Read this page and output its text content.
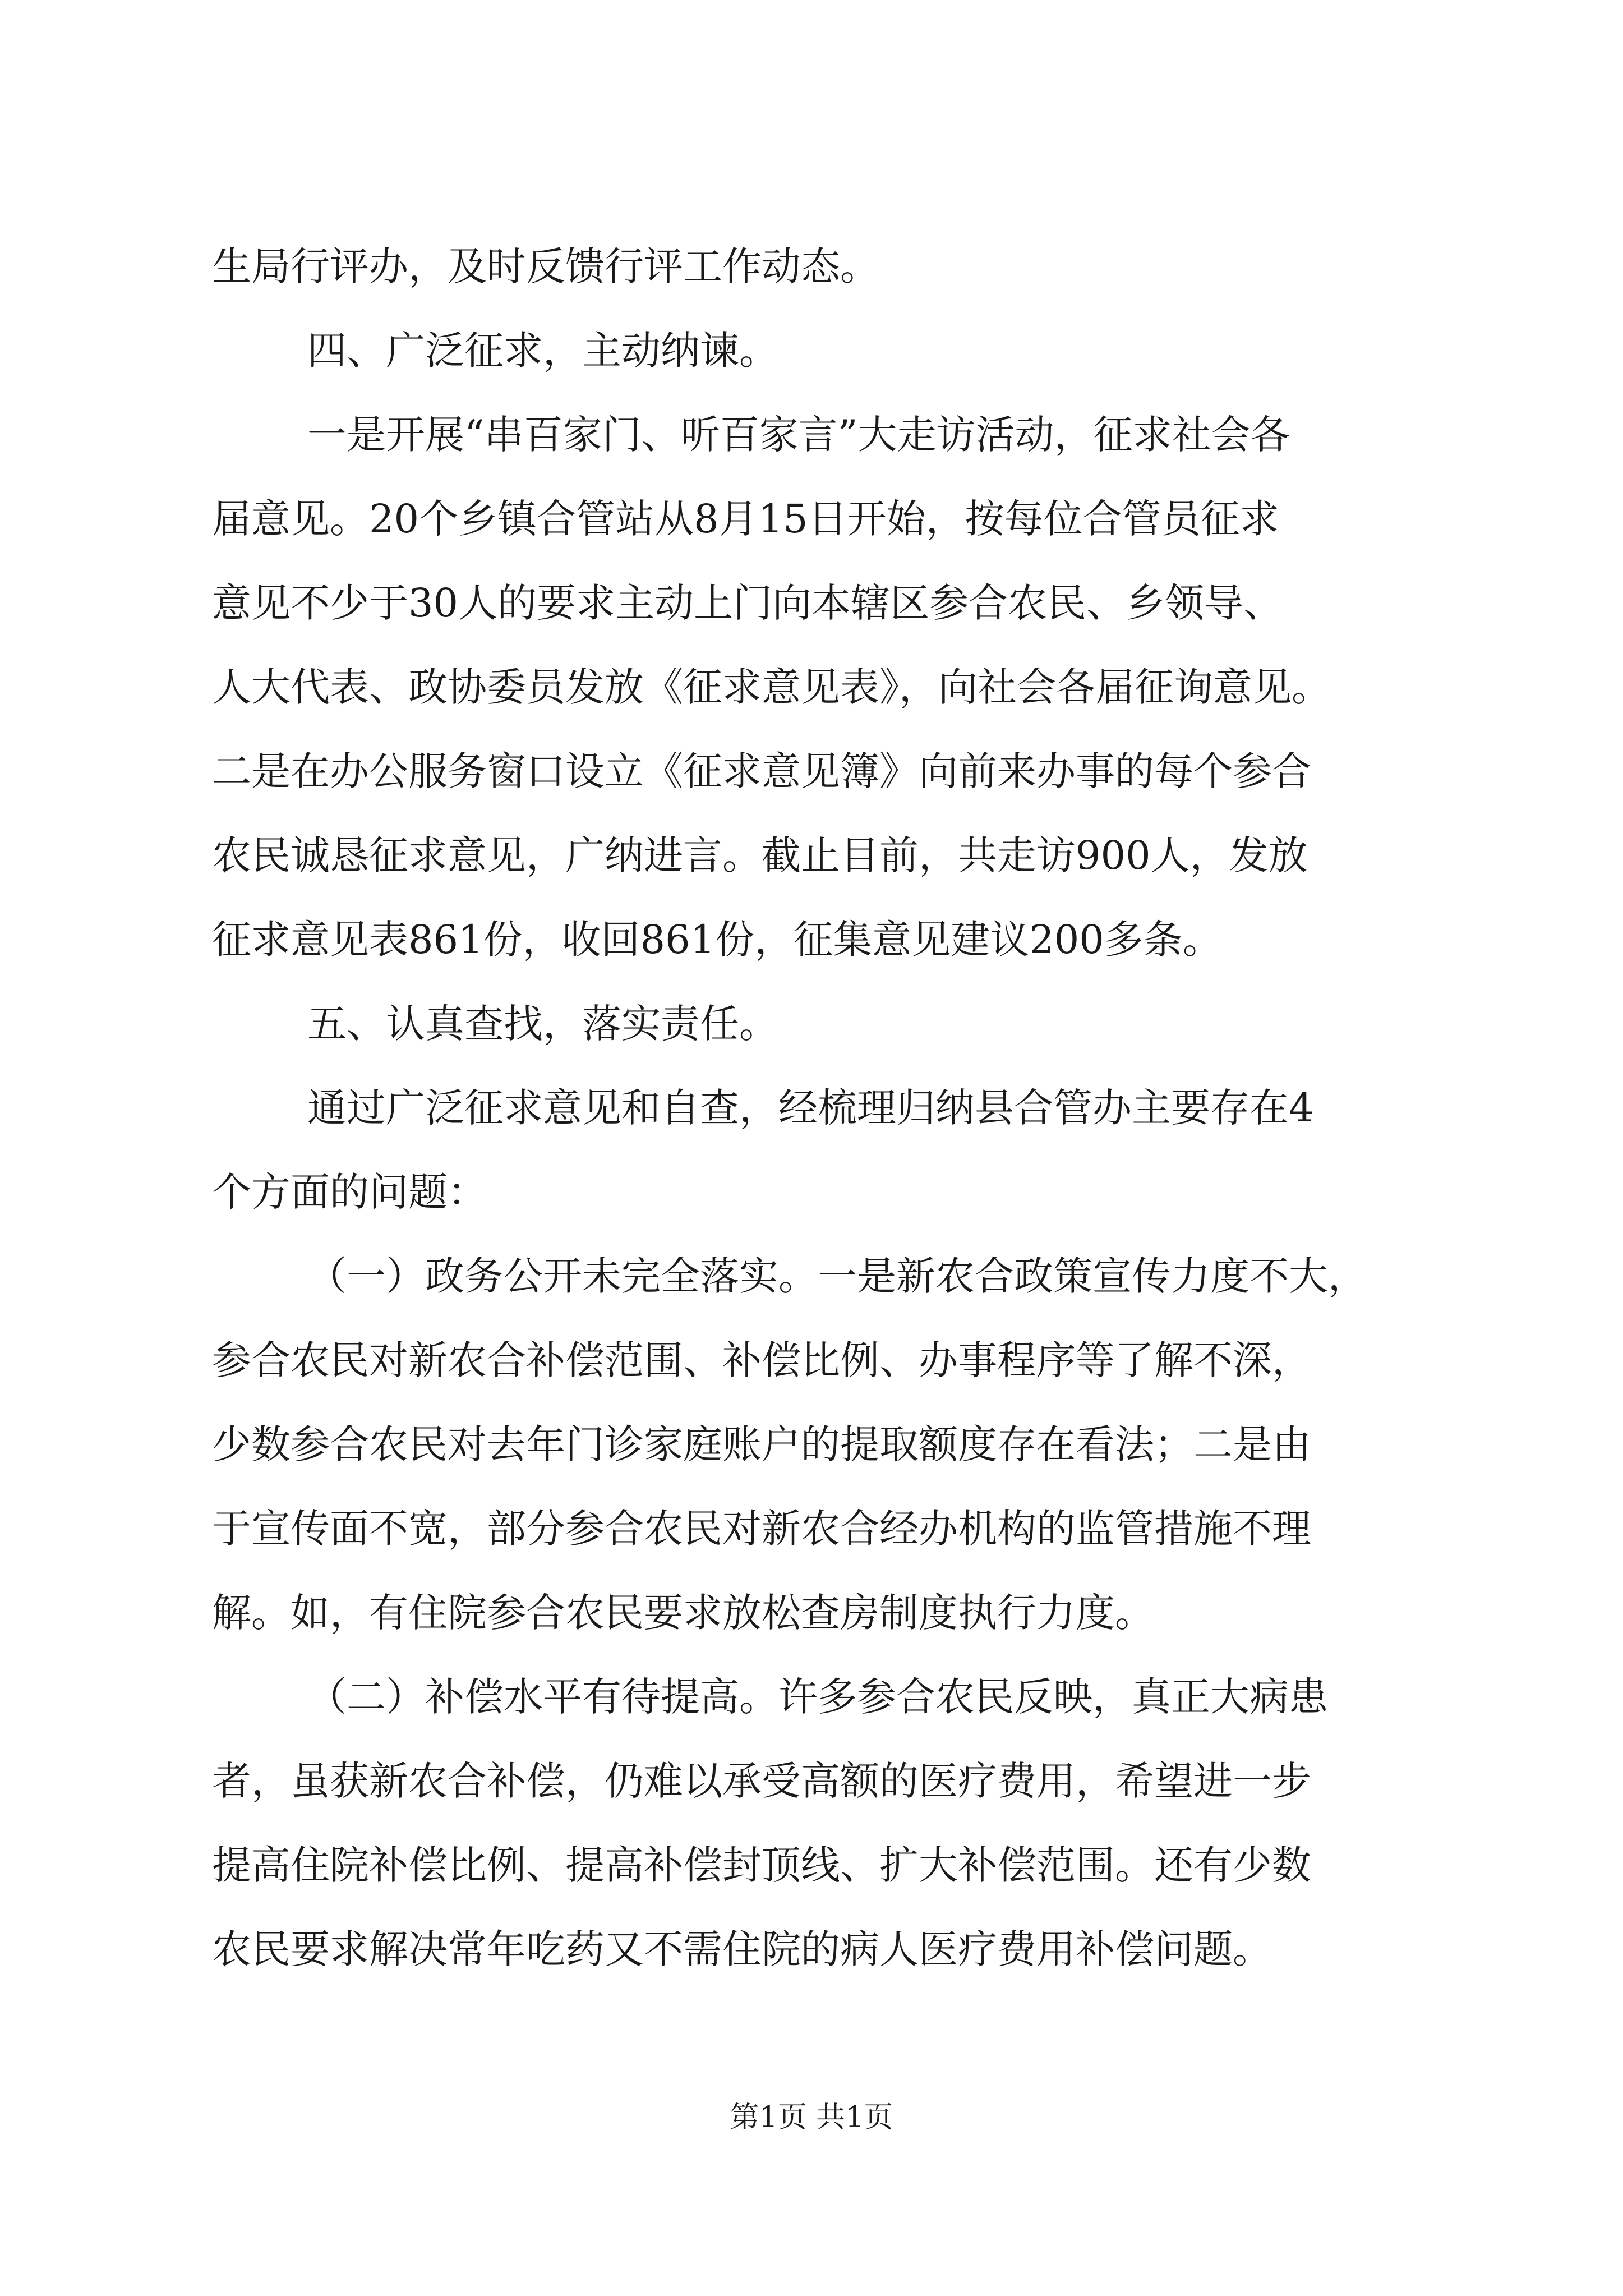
生局行评办，及时反馈行评工作动态。
四、广泛征求，主动纳谏。
一是开展“串百家门、听百家言”大走访活动，征求社会各
届意见。20个乡镇合管站从8月15日开始，按每位合管员征求
意见不少于30人的要求主动上门向本辖区参合农民、乡领导、
人大代表、政协委员发放《征求意见表》，向社会各届征询意见。
二是在办公服务窗口设立《征求意见簿》向前来办事的每个参合
农民诚恳征求意见，广纳进言。截止目前，共走访900人，发放
征求意见表861份，收回861份，征集意见建议200多条。
五、认真查找，落实责任。
通过广泛征求意见和自查，经梳理归纳县合管办主要存在4
个方面的问题：
（一）政务公开未完全落实。一是新农合政策宣传力度不大，
参合农民对新农合补偿范围、补偿比例、办事程序等了解不深，
少数参合农民对去年门诊家庭账户的提取额度存在看法；二是由
于宣传面不宽，部分参合农民对新农合经办机构的监管措施不理
解。如，有住院参合农民要求放松查房制度执行力度。
（二）补偿水平有待提高。许多参合农民反映，真正大病患
者，虽获新农合补偿，仍难以承受高额的医疗费用，希望进一步
提高住院补偿比例、提高补偿封顶线、扩大补偿范围。还有少数
农民要求解决常年吃药又不需住院的病人医疗费用补偿问题。
第1页 共1页
